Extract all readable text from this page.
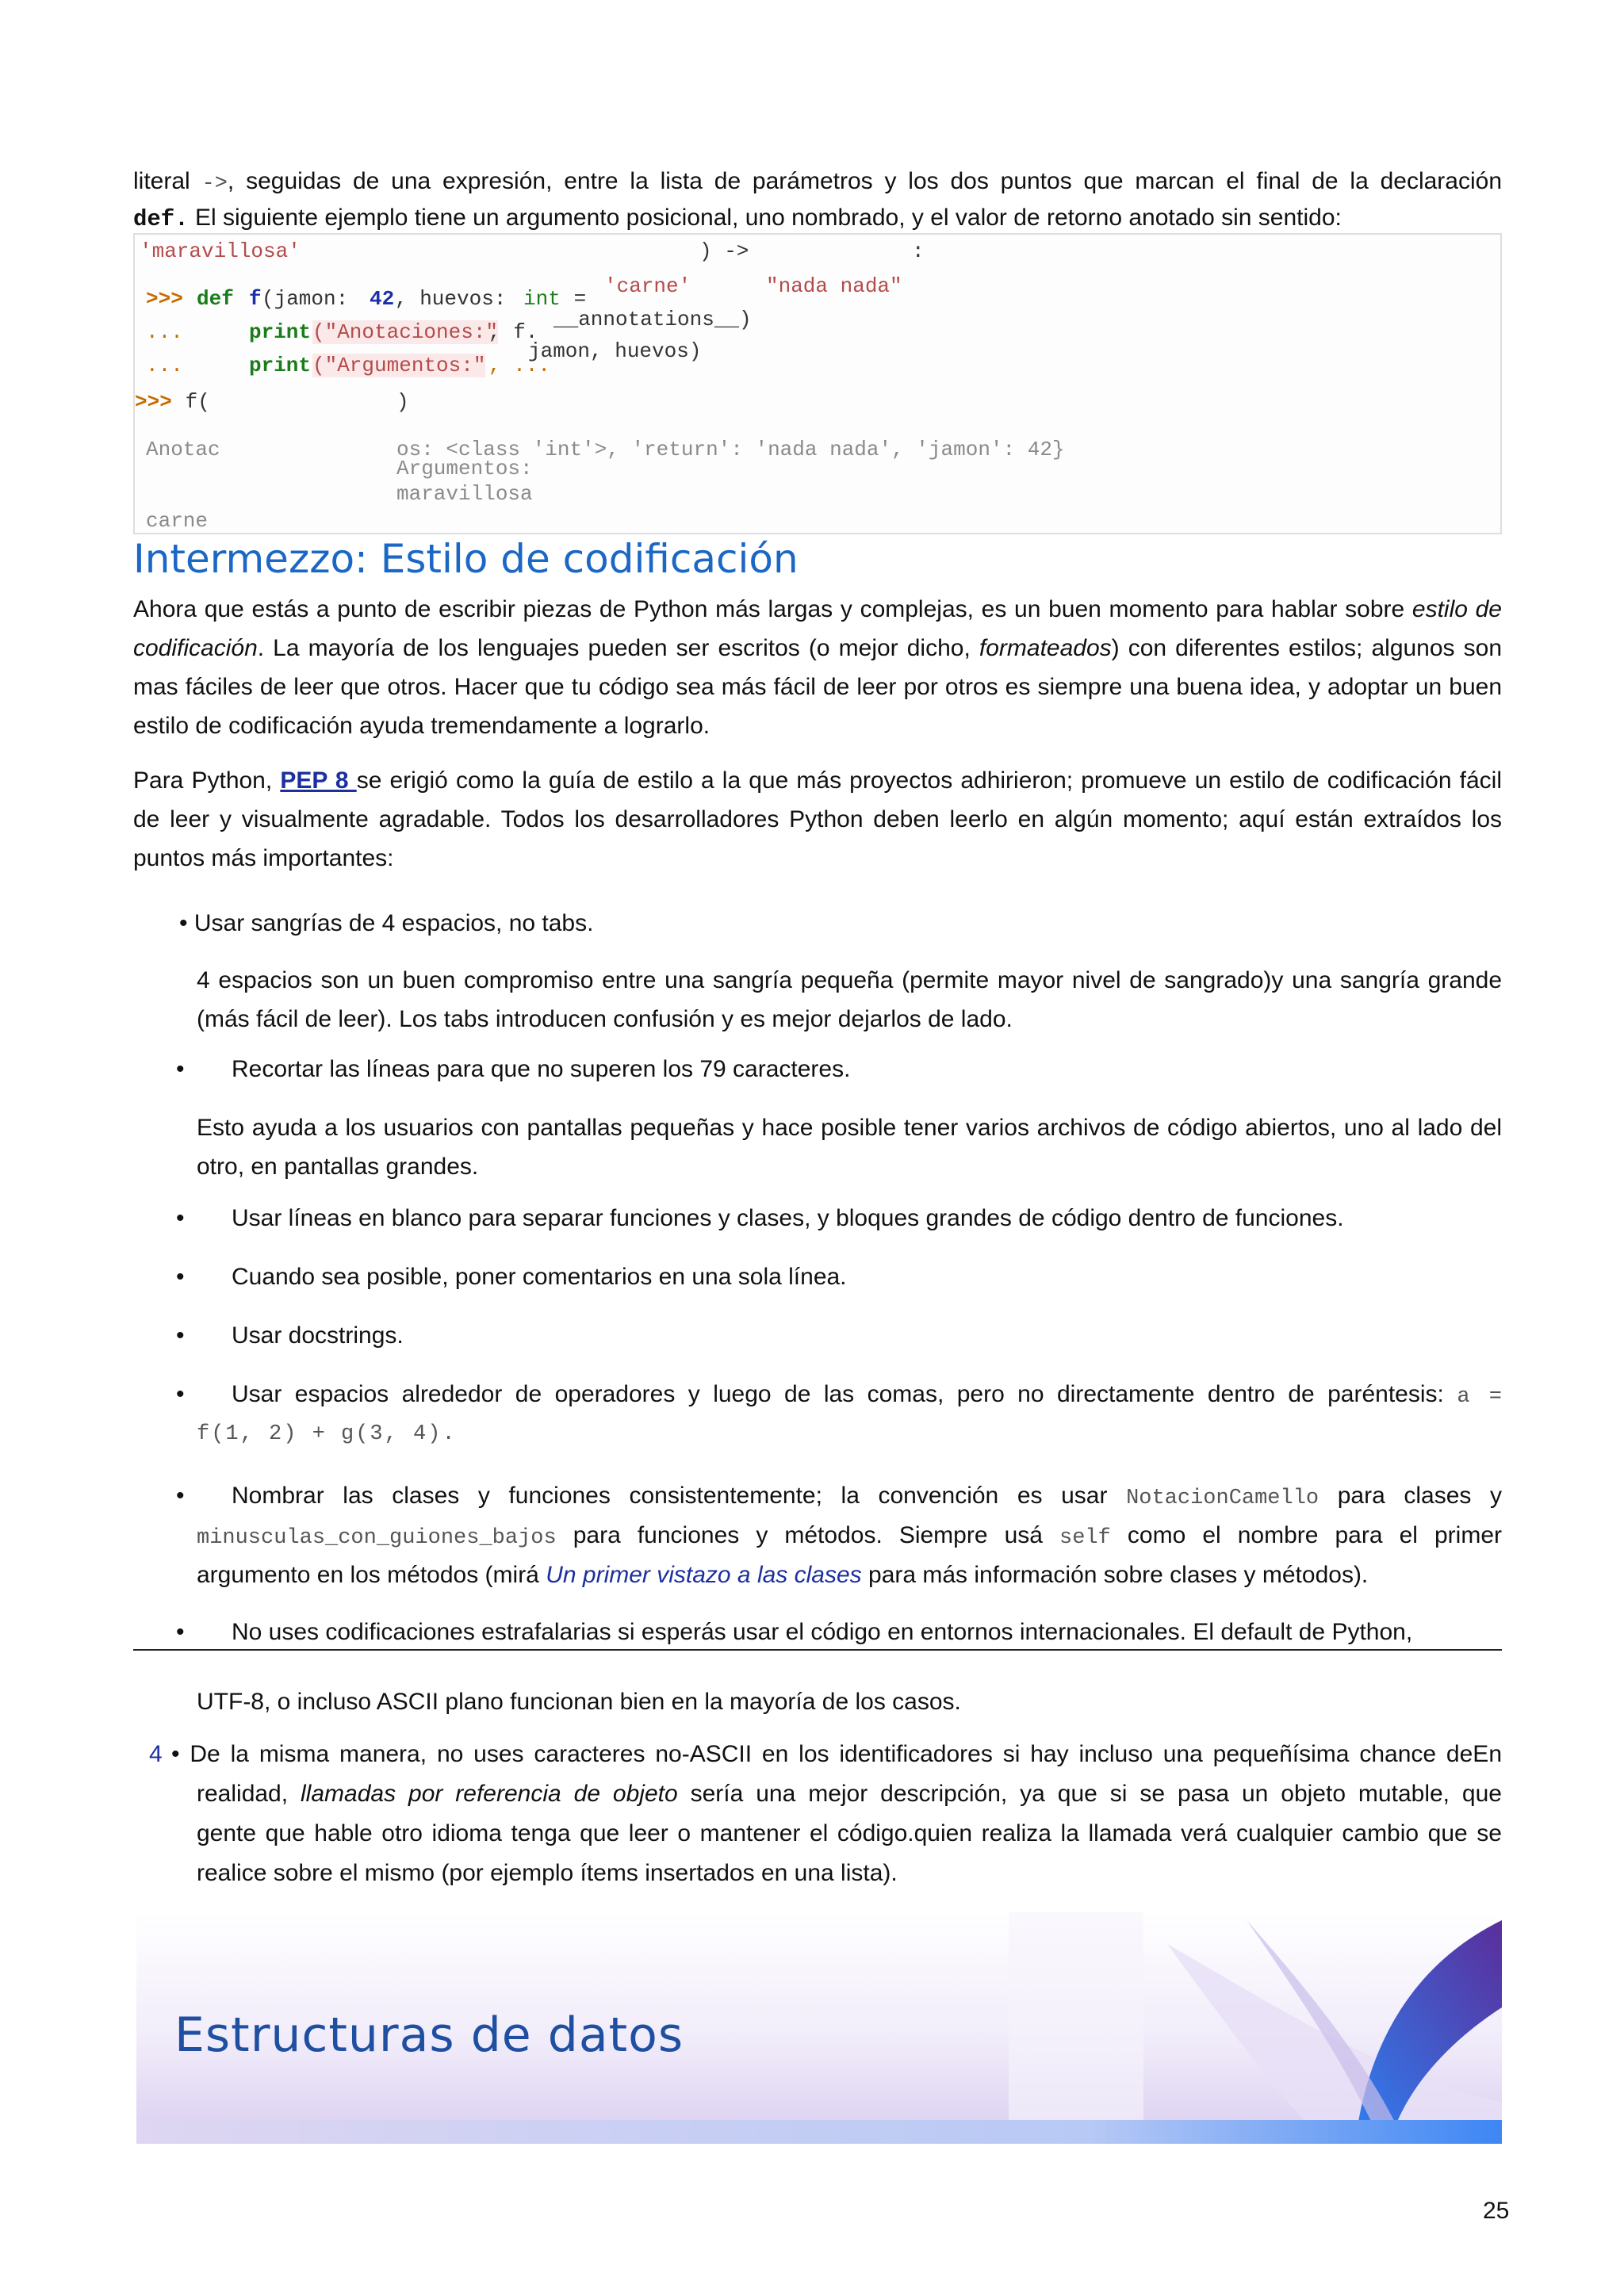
literal ->, seguidas de una expresión, entre la lista de parámetros y los dos puntos que marcan el final de la declaración
def. El siguiente ejemplo tiene un argumento posicional, uno nombrado, y el valor de retorno anotado sin sentido:
'maravillosa'	) ->	:
>>> def f (jamon: 42 , huevos: int =
'carne'	"nada nada"
...	print ("Anotaciones:"
, f.
__annotations__)
...	print ("Argumentos:" , ...
jamon, huevos)
>>> f(	)
Anotac	os: <class 'int'>, 'return': 'nada nada', 'jamon': 42}
Argumentos:
maravillosa
carne
Intermezzo: Estilo de codificación

Ahora que estás a punto de escribir piezas de Python más largas y complejas, es un buen momento para hablar sobre estilo de codificación. La mayoría de los lenguajes pueden ser escritos (o mejor dicho, formateados) con diferentes estilos; algunos son mas fáciles de leer que otros. Hacer que tu código sea más fácil de leer por otros es siempre una buena idea, y adoptar un buen estilo de codificación ayuda tremendamente a lograrlo.

Para Python, PEP 8 se erigió como la guía de estilo a la que más proyectos adhirieron; promueve un estilo de codificación fácil de leer y visualmente agradable. Todos los desarrolladores Python deben leerlo en algún momento; aquí están extraídos los puntos más importantes:

• Usar sangrías de 4 espacios, no tabs.

4 espacios son un buen compromiso entre una sangría pequeña (permite mayor nivel de sangrado)y una sangría grande (más fácil de leer). Los tabs introducen confusión y es mejor dejarlos de lado.

• Recortar las líneas para que no superen los 79 caracteres.

Esto ayuda a los usuarios con pantallas pequeñas y hace posible tener varios archivos de código abiertos, uno al lado del otro, en pantallas grandes.

• Usar líneas en blanco para separar funciones y clases, y bloques grandes de código dentro de funciones.
• Cuando sea posible, poner comentarios en una sola línea.
• Usar docstrings.
• Usar espacios alrededor de operadores y luego de las comas, pero no directamente dentro de paréntesis: a =
f(1, 2) + g(3, 4).
• Nombrar las clases y funciones consistentemente; la convención es usar NotacionCamello para clases y
minusculas_con_guiones_bajos para funciones y métodos. Siempre usá self como el nombre para el primer
argumento en los métodos (mirá Un primer vistazo a las clases para más información sobre clases y métodos).
• No uses codificaciones estrafalarias si esperás usar el código en entornos internacionales. El default de Python,
UTF-8, o incluso ASCII plano funcionan bien en la mayoría de los casos.
4 • De la misma manera, no uses caracteres no-ASCII en los identificadores si hay incluso una pequeñísima chance deEn
realidad, llamadas por referencia de objeto sería una mejor descripción, ya que si se pasa un objeto mutable, que
gente que hable otro idioma tenga que leer o mantener el código.quien realiza la llamada verá cualquier cambio que se
realice sobre el mismo (por ejemplo ítems insertados en una lista).
Estructuras de datos
25
